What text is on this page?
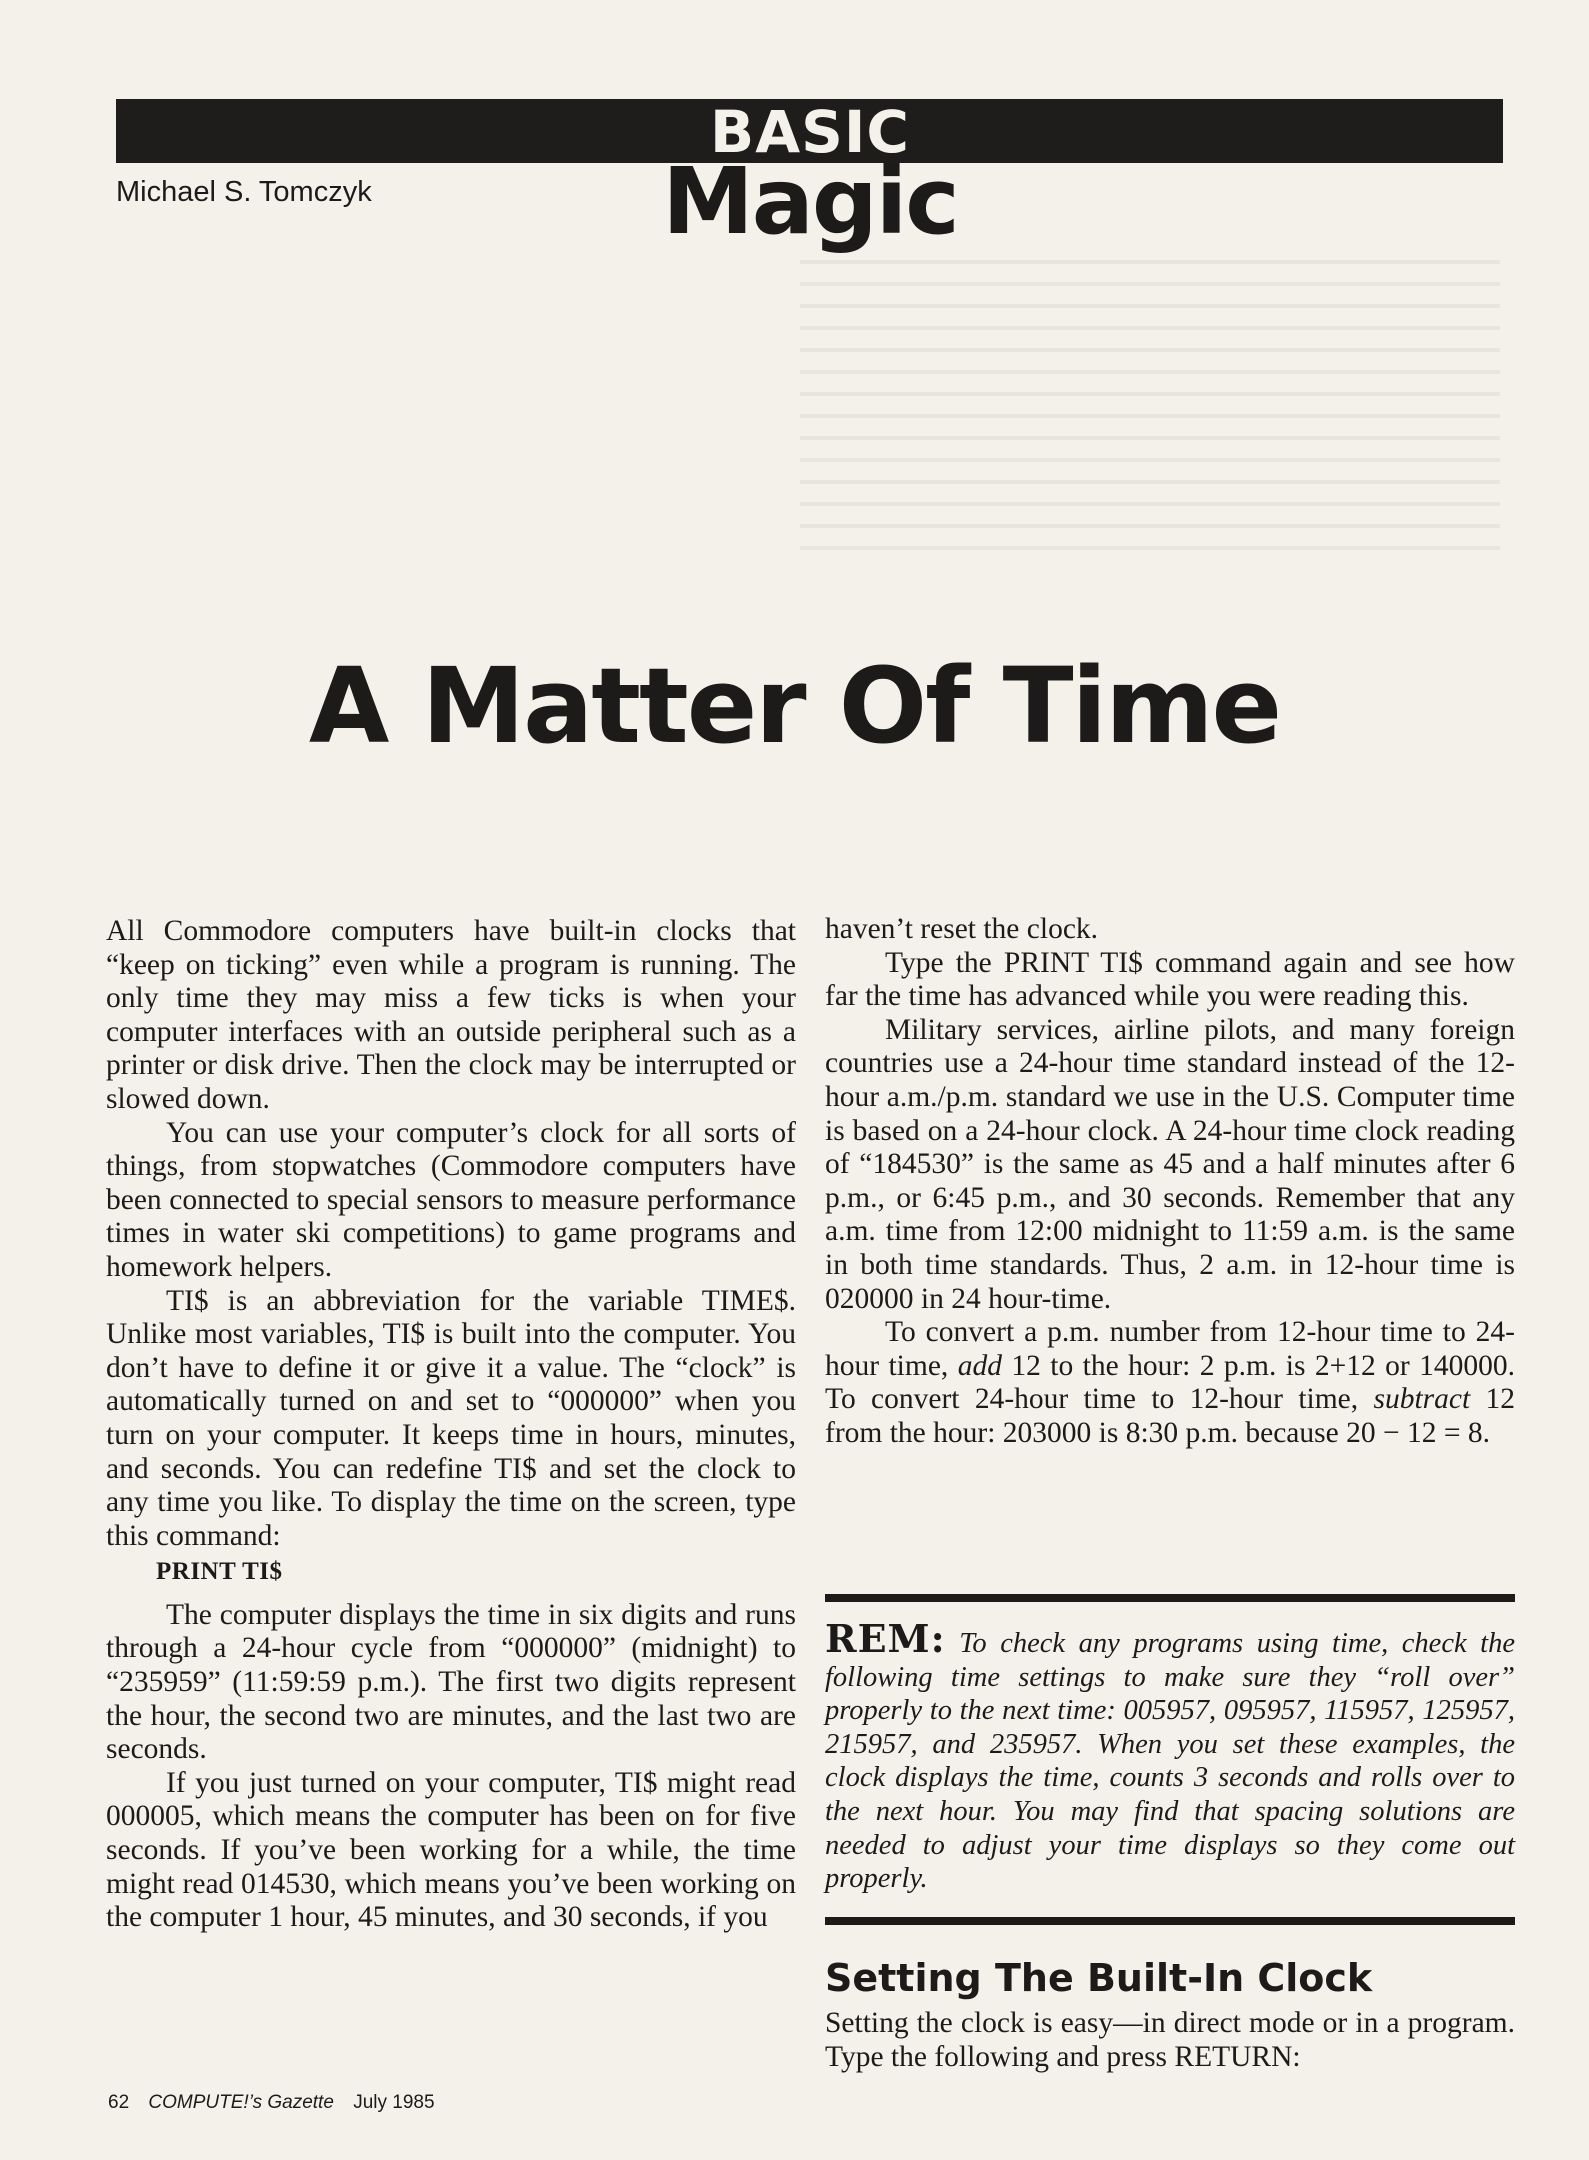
BASIC
Magic
Michael S. Tomczyk
A Matter Of Time

All Commodore computers have built-in clocks that “keep on ticking” even while a program is running. The only time they may miss a few ticks is when your computer interfaces with an outside peripheral such as a printer or disk drive. Then the clock may be interrupted or slowed down.

You can use your computer’s clock for all sorts of things, from stopwatches (Commodore computers have been connected to special sensors to measure performance times in water ski competitions) to game programs and homework helpers.

TI$ is an abbreviation for the variable TIME$. Unlike most variables, TI$ is built into the computer. You don’t have to define it or give it a value. The “clock” is automatically turned on and set to “000000” when you turn on your computer. It keeps time in hours, minutes, and seconds. You can redefine TI$ and set the clock to any time you like. To display the time on the screen, type this command:

PRINT TI$

The computer displays the time in six digits and runs through a 24-hour cycle from “000000” (midnight) to “235959” (11:59:59 p.m.). The first two digits represent the hour, the second two are minutes, and the last two are seconds.

If you just turned on your computer, TI$ might read 000005, which means the computer has been on for five seconds. If you’ve been working for a while, the time might read 014530, which means you’ve been working on the computer 1 hour, 45 minutes, and 30 seconds, if you

haven’t reset the clock.

Type the PRINT TI$ command again and see how far the time has advanced while you were reading this.

Military services, airline pilots, and many foreign countries use a 24-hour time standard instead of the 12-hour a.m./p.m. standard we use in the U.S. Computer time is based on a 24-hour clock. A 24-hour time clock reading of “184530” is the same as 45 and a half minutes after 6 p.m., or 6:45 p.m., and 30 seconds. Remember that any a.m. time from 12:00 midnight to 11:59 a.m. is the same in both time standards. Thus, 2 a.m. in 12-hour time is 020000 in 24 hour-time.

To convert a p.m. number from 12-hour time to 24-hour time, add 12 to the hour: 2 p.m. is 2+12 or 140000. To convert 24-hour time to 12-hour time, subtract 12 from the hour: 203000 is 8:30 p.m. because 20 − 12 = 8.

REM: To check any programs using time, check the following time settings to make sure they “roll over” properly to the next time: 005957, 095957, 115957, 125957, 215957, and 235957. When you set these examples, the clock displays the time, counts 3 seconds and rolls over to the next hour. You may find that spacing solutions are needed to adjust your time displays so they come out properly.
Setting The Built-In Clock
Setting the clock is easy—in direct mode or in a program. Type the following and press RETURN:
62 COMPUTE!’s Gazette July 1985
